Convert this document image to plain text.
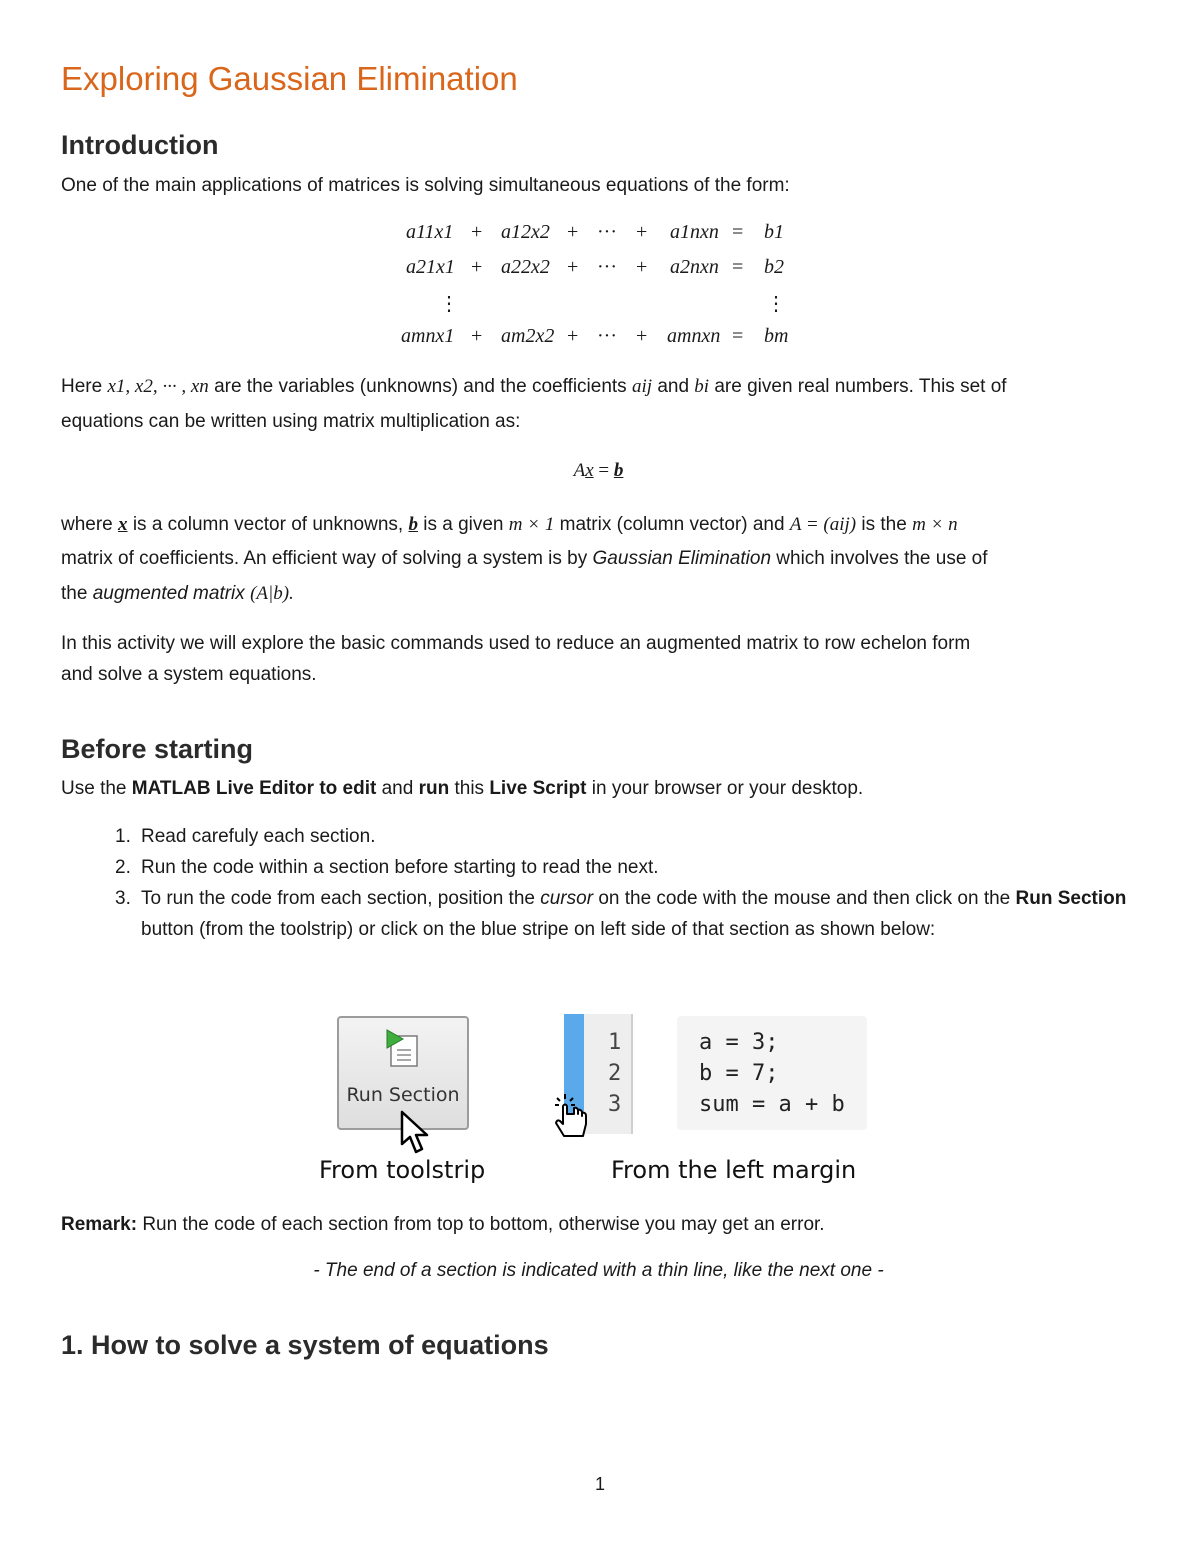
Exploring Gaussian Elimination
Introduction

One of the main applications of matrices is solving simultaneous equations of the form:

a11x1 + a12x2 + ··· + a1nxn = b1
a21x1 + a22x2 + ··· + a2nxn = b2
⋮	⋮
amnx1 + am2x2 + ··· + amnxn = bm

Here x1, x2, ··· , xn are the variables (unknowns) and the coefficients aij and bi are given real numbers. This set of

equations can be written using matrix multiplication as:

Ax = b

where x is a column vector of unknowns, b is a given m × 1 matrix (column vector) and A = (aij) is the m × n

matrix of coefficients. An efficient way of solving a system is by Gaussian Elimination which involves the use of

the augmented matrix (A|b).

In this activity we will explore the basic commands used to reduce an augmented matrix to row echelon form

and solve a system equations.

Before starting

Use the MATLAB Live Editor to edit and run this Live Script in your browser or your desktop.

1. Read carefuly each section.
2. Run the code within a section before starting to read the next.
3. To run the code from each section, position the cursor on the code with the mouse and then click on the Run Section button (from the toolstrip) or click on the blue stripe on left side of that section as shown below:
Run Section
From toolstrip
1
2
3
a = 3;
b = 7;
sum = a + b
From the left margin

Remark: Run the code of each section from top to bottom, otherwise you may get an error.

- The end of a section is indicated with a thin line, like the next one -

1. How to solve a system of equations
1
